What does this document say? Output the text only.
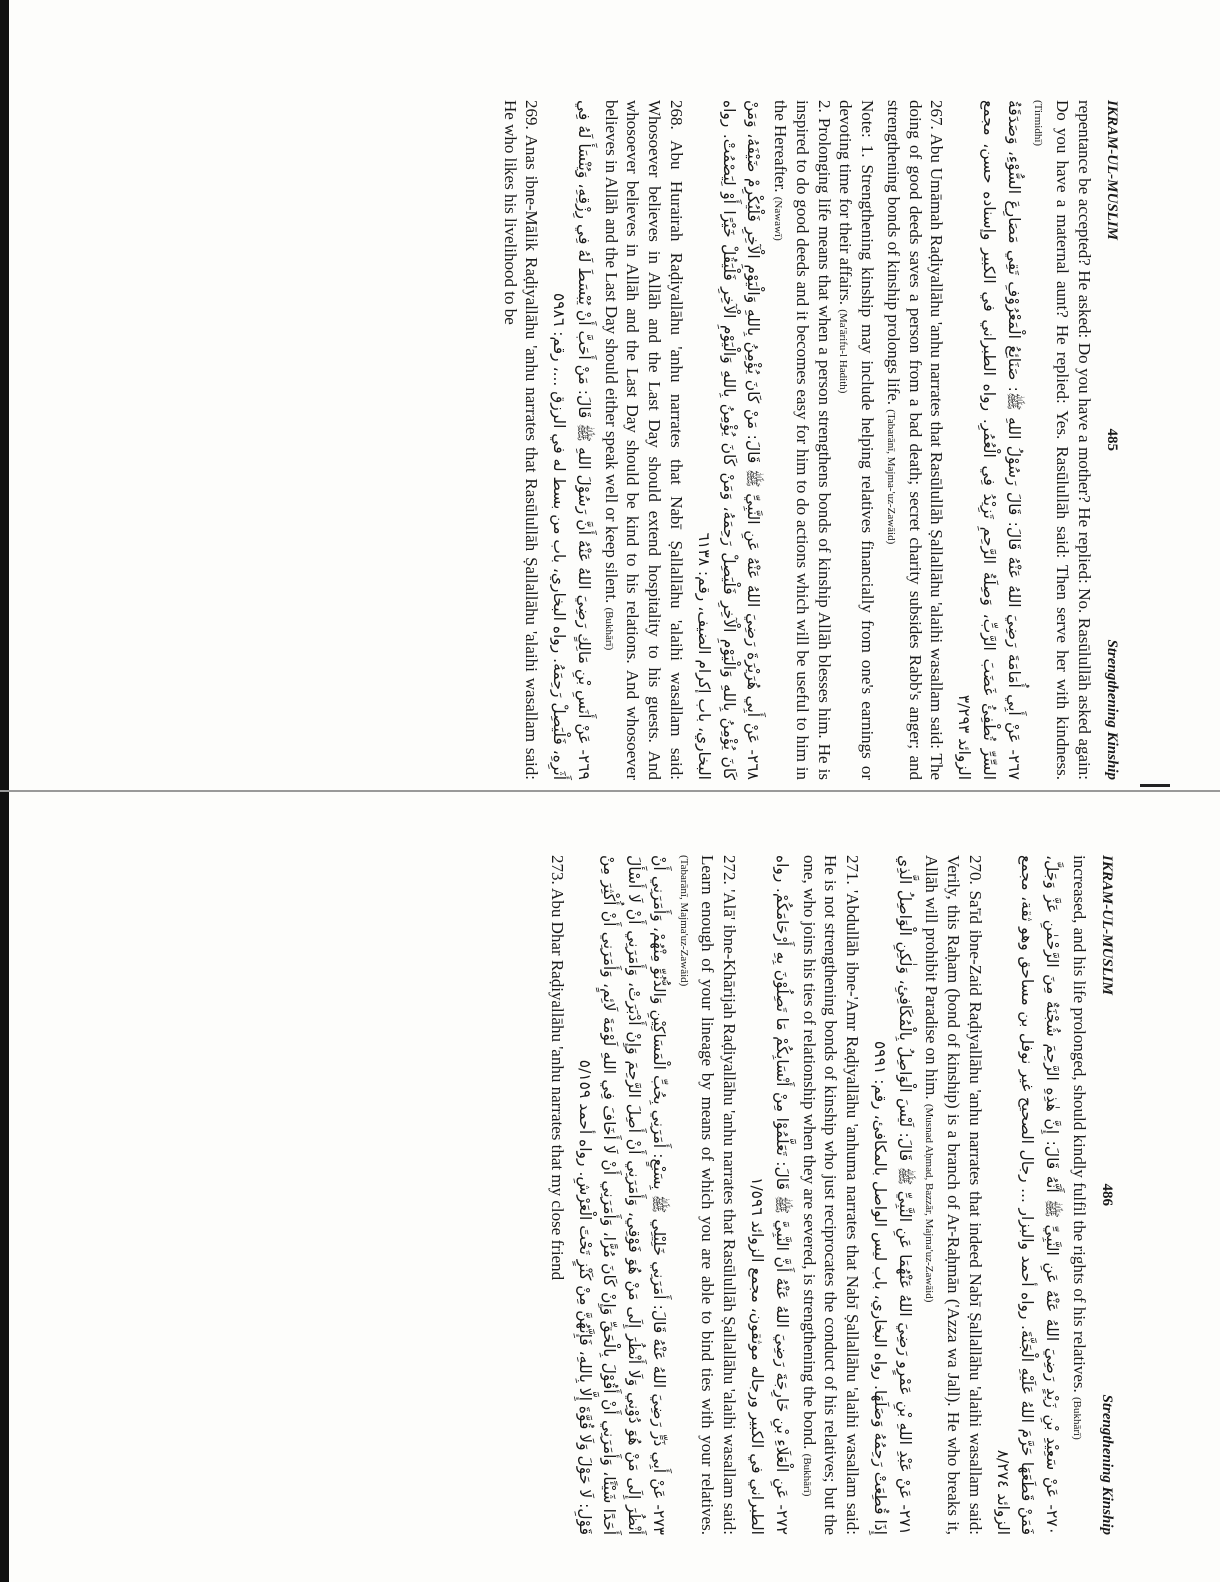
IKRAM-UL-MUSLIM
485
Strengthening Kinship

repentance be accepted? He asked: Do you have a mother? He replied: No. Rasūlullāh asked again: Do you have a maternal aunt? He replied: Yes. Rasūlullāh said: Then serve her with kindness. (Tirmidhī)

٢٦٧- عَنْ أَبِي أُمَامَةَ رَضِيَ اللهُ عَنْهُ قَالَ: قَالَ رَسُوْلُ اللهِ ﷺ: صَنَائِعُ الْمَعْرُوْفِ تَقِي مَصَارِعَ السُّوْءِ، وَصَدَقَةُ السِّرِّ تُطْفِئُ غَضَبَ الرَّبِّ، وَصِلَةُ الرَّحِمِ تَزِيْدُ فِي الْعُمُرِ. رواه الطبراني في الكبير وإسناده حسن، مجمع الزوائد ٣/٢٩٣

267. Abu Umāmah Raḍiyallāhu 'anhu narrates that Rasūlullāh Ṣallallāhu 'alaihi wasallam said: The doing of good deeds saves a person from a bad death; secret charity subsides Rabb's anger; and strengthening bonds of kinship prolongs life. (Tabarānī, Majma-'uz-Zawāid)

Note: 1. Strengthening kinship may include helping relatives financially from one's earnings or devoting time for their affairs. (Ma'ārifu-l Hadith)
2. Prolonging life means that when a person strengthens bonds of kinship Allāh blesses him. He is inspired to do good deeds and it becomes easy for him to do actions which will be useful to him in the Hereafter. (Nawawī)

٢٦٨- عَنْ أَبِي هُرَيْرَةَ رَضِيَ اللهُ عَنْهُ عَنِ النَّبِيِّ ﷺ قَالَ: مَنْ كَانَ يُؤْمِنُ بِاللهِ وَالْيَوْمِ الْآخِرِ فَلْيُكْرِمْ ضَيْفَهُ، وَمَنْ كَانَ يُؤْمِنُ بِاللهِ وَالْيَوْمِ الْآخِرِ فَلْيَصِلْ رَحِمَهُ، وَمَنْ كَانَ يُؤْمِنُ بِاللهِ وَالْيَوْمِ الْآخِرِ فَلْيَقُلْ خَيْرًا أَوْ لِيَصْمُتْ. رواه البخاري، باب إكرام الضيف، رقم: ٦١٣٨

268. Abu Hurairah Raḍiyallāhu 'anhu narrates that Nabī Ṣallallāhu 'alaihi wasallam said: Whosoever believes in Allāh and the Last Day should extend hospitality to his guests. And whosoever believes in Allāh and the Last Day should be kind to his relations. And whosoever believes in Allāh and the Last Day should either speak well or keep silent. (Bukhārī)

٢٦٩- عَنْ أَنَسِ بْنِ مَالِكٍ رَضِيَ اللهُ عَنْهُ أَنَّ رَسُوْلَ اللهِ ﷺ قَالَ: مَنْ أَحَبَّ أَنْ يُبْسَطَ لَهُ فِي رِزْقِهِ، وَيُنْسَأَ لَهُ فِي أَثَرِهِ، فَلْيَصِلْ رَحِمَهُ. رواه البخاري، باب من بسط له في الرزق ...، رقم: ٥٩٨٦

269. Anas ibne-Mālik Raḍiyallāhu 'anhu narrates that Rasūlullāh Ṣallallāhu 'alaihi wasallam said: He who likes his livelihood to be

IKRAM-UL-MUSLIM
486
Strengthening Kinship

increased, and his life prolonged, should kindly fulfil the rights of his relatives. (Bukhārī)

٢٧٠- عَنْ سَعِيْدِ بْنِ زَيْدٍ رَضِيَ اللهُ عَنْهُ عَنِ النَّبِيِّ ﷺ أَنَّهُ قَالَ: إِنَّ هٰذِهِ الرَّحِمَ شُجْنَةٌ مِنَ الرَّحْمٰنِ عَزَّ وَجَلَّ، فَمَنْ قَطَعَهَا حَرَّمَ اللهُ عَلَيْهِ الْجَنَّةَ. رواه أحمد والبزار ... رجال الصحيح غير نوفل بن مساحق وهو ثقة، مجمع الزوائد ٨/٢٧٤

270. Sa'īd ibne-Zaid Raḍiyallāhu 'anhu narrates that indeed Nabī Ṣallallāhu 'alaihi wasallam said: Verily, this Raḥam (bond of kinship) is a branch of Ar-Raḥmān ('Azza wa Jall). He who breaks it, Allāh will prohibit Paradise on him. (Musnad Aḥmad, Bazzār, Majma'uz-Zawāid)

٢٧١- عَنْ عَبْدِ اللهِ بْنِ عَمْرٍو رَضِيَ اللهُ عَنْهُمَا عَنِ النَّبِيِّ ﷺ قَالَ: لَيْسَ الْوَاصِلُ بِالْمُكَافِئِ، وَلٰكِنِ الْوَاصِلُ الَّذِي إِذَا قُطِعَتْ رَحِمُهُ وَصَلَهَا. رواه البخاري، باب ليس الواصل بالمكافئ، رقم: ٥٩٩١

271. 'Abdullāh ibne-'Amr Raḍiyallāhu 'anhuma narrates that Nabī Ṣallallāhu 'alaihi wasallam said: He is not strengthening bonds of kinship who just reciprocates the conduct of his relatives; but the one, who joins his ties of relationship when they are severed, is strengthening the bond. (Bukhārī)

٢٧٢- عَنِ الْعَلَاءِ بْنِ خَارِجَةَ رَضِيَ اللهُ عَنْهُ أَنَّ النَّبِيَّ ﷺ قَالَ: تَعَلَّمُوْا مِنْ أَنْسَابِكُمْ مَا تَصِلُوْنَ بِهِ أَرْحَامَكُمْ. رواه الطبراني في الكبير ورجاله موثقون، مجمع الزوائد ١/٥٩٦

272. 'Alā' ibne-Khārijah Raḍiyallāhu 'anhu narrates that Rasūlullāh Ṣallallāhu 'alaihi wasallam said: Learn enough of your lineage by means of which you are able to bind ties with your relatives. (Tabarānī, Majma'uz-Zawāid)

٢٧٣- عَنْ أَبِي ذَرٍّ رَضِيَ اللهُ عَنْهُ قَالَ: أَمَرَنِي خَلِيْلِي ﷺ بِسَبْعٍ: أَمَرَنِي بِحُبِّ الْمَسَاكِيْنِ وَالدُّنُوِّ مِنْهُمْ، وَأَمَرَنِي أَنْ أَنْظُرَ إِلَى مَنْ هُوَ دُوْنِي وَلَا أَنْظُرَ إِلَى مَنْ هُوَ فَوْقِي، وَأَمَرَنِي أَنْ أَصِلَ الرَّحِمَ وَإِنْ أَدْبَرَتْ، وَأَمَرَنِي أَنْ لَا أَسْأَلَ أَحَدًا شَيْئًا، وَأَمَرَنِي أَنْ أَقُوْلَ بِالْحَقِّ وَإِنْ كَانَ مُرًّا، وَأَمَرَنِي أَنْ لَا أَخَافَ فِي اللهِ لَوْمَةَ لَائِمٍ، وَأَمَرَنِي أَنْ أُكْثِرَ مِنْ قَوْلِ: لَا حَوْلَ وَلَا قُوَّةَ إِلَّا بِاللهِ، فَإِنَّهُنَّ مِنْ كَنْزٍ تَحْتَ الْعَرْشِ. رواه أحمد ٥/١٥٩

273. Abu Dhar Raḍiyallāhu 'anhu narrates that my close friend
